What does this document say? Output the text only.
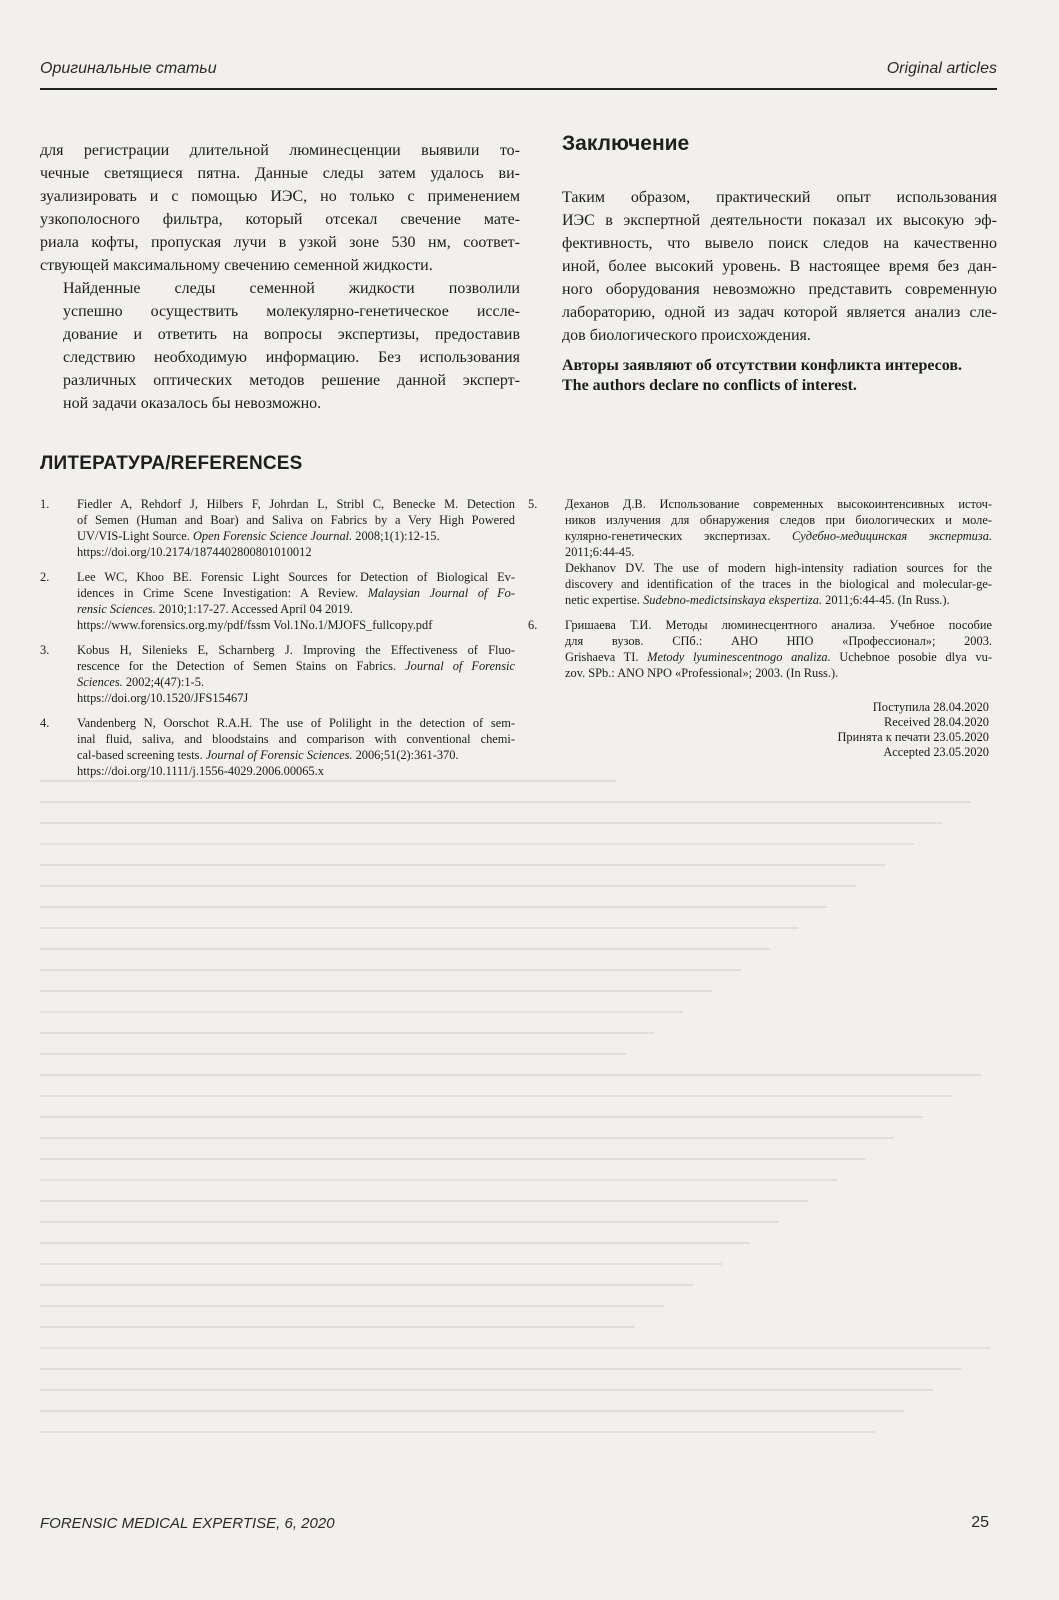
Оригинальные статьи	Original articles

для регистрации длительной люминесценции выявили то-
чечные светящиеся пятна. Данные следы затем удалось ви-
зуализировать и с помощью ИЭС, но только с применением
узкополосного фильтра, который отсекал свечение мате-
риала кофты, пропуская лучи в узкой зоне 530 нм, соответ-
ствующей максимальному свечению семенной жидкости.

Найденные следы семенной жидкости позволили
успешно осуществить молекулярно-генетическое иссле-
дование и ответить на вопросы экспертизы, предоставив
следствию необходимую информацию. Без использования
различных оптических методов решение данной эксперт-
ной задачи оказалось бы невозможно.

Заключение

Таким образом, практический опыт использования
ИЭС в экспертной деятельности показал их высокую эф-
фективность, что вывело поиск следов на качественно
иной, более высокий уровень. В настоящее время без дан-
ного оборудования невозможно представить современную
лабораторию, одной из задач которой является анализ сле-
дов биологического происхождения.

Авторы заявляют об отсутствии конфликта интересов.
The authors declare no conflicts of interest.
ЛИТЕРАТУРА/REFERENCES
1.	Fiedler A, Rehdorf J, Hilbers F, Johrdan L, Stribl C, Benecke M. Detection
of Semen (Human and Boar) and Saliva on Fabrics by a Very High Powered
UV/VIS-Light Source. Open Forensic Science Journal. 2008;1(1):12-15.
https://doi.org/10.2174/1874402800801010012
2.	Lee WC, Khoo BE. Forensic Light Sources for Detection of Biological Ev-
idences in Crime Scene Investigation: A Review. Malaysian Journal of Fo-
rensic Sciences. 2010;1:17-27. Accessed April 04 2019.
https://www.forensics.org.my/pdf/fssm Vol.1No.1/MJOFS_fullcopy.pdf
3.	Kobus H, Silenieks E, Scharnberg J. Improving the Effectiveness of Fluo-
rescence for the Detection of Semen Stains on Fabrics. Journal of Forensic
Sciences. 2002;4(47):1-5.
https://doi.org/10.1520/JFS15467J
4.	Vandenberg N, Oorschot R.A.H. The use of Polilight in the detection of sem-
inal fluid, saliva, and bloodstains and comparison with conventional chemi-
cal-based screening tests. Journal of Forensic Sciences. 2006;51(2):361-370.
https://doi.org/10.1111/j.1556-4029.2006.00065.x
5.	Деханов Д.В. Использование современных высокоинтенсивных источ-
ников излучения для обнаружения следов при биологических и моле-
кулярно-генетических экспертизах. Судебно-медицинская экспертиза.
2011;6:44-45.
Dekhanov DV. The use of modern high-intensity radiation sources for the
discovery and identification of the traces in the biological and molecular-ge-
netic expertise. Sudebno-medictsinskaya ekspertiza. 2011;6:44-45. (In Russ.).
6.	Гришаева Т.И. Методы люминесцентного анализа. Учебное пособие
для вузов. СПб.: АНО НПО «Профессионал»; 2003.
Grishaeva TI. Metody lyuminescentnogo analiza. Uchebnoe posobie dlya vu-
zov. SPb.: ANO NPO «Professional»; 2003. (In Russ.).
Поступила 28.04.2020
Received 28.04.2020
Принята к печати 23.05.2020
Accepted 23.05.2020
FORENSIC MEDICAL EXPERTISE, 6, 2020	25
